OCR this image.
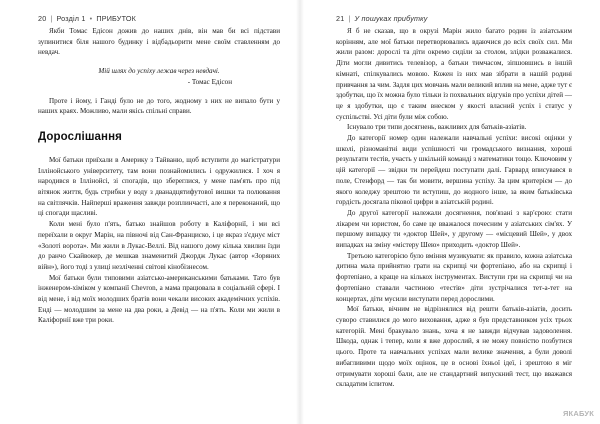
20 | Розділ 1 • ПРИБУТОК

Якби Томас Едісон дожив до наших днів, він мав би всі підстави зупинитися біля нашого будинку і відбадьорити мене своїм ставленням до невдач.

Мій шлях до успіху лежав через невдачі.
- Томас Едісон

Проте і йому, і Ганді було не до того, жодному з них не випало бути у наших краях. Можливо, мали якісь спільні справи.

Дорослішання

Мої батьки приїхали в Америку з Тайваню, щоб вступити до магістратури Іллінойського університету, там вони познайомились і одружилися. І хоч я народився в Іллінойсі, зі спогадів, що збереглися, у мене пам'ять про під вітянок життя, будь стрибки у воду з дванадцятифутової вишки та полювання на світлячків. Найперші враження завжди розплинчасті, але я переконаний, що ці спогади щасливі.

Коли мені було п'ять, батько знайшов роботу в Каліфорнії, і ми всі переїхали в округ Марін, на півночі від Сан-Франциско, і це якраз з'єднує міст «Золоті ворота». Ми жили в Лукас-Веллі. Від нашого дому кілька хвилин їзди до ранчо Скайвокер, де мешкав знаменитий Джордж Лукас (автор «Зоряних війн»), його тоді з улиці незліченні світові кінобізнесом.

Мої батьки були типовими азіатсько-американськими батьками. Тато був інженером-хіміком у компанії Chevron, а мама працювала в соціальній сфері. І від мене, і від моїх молодших братів вони чекали високих академічних успіхів. Енді — молодшим за мене на два роки, а Девід — на п'ять. Коли ми жили в Каліфорнії вже три роки.

21 | У пошуках прибутку

Я б не сказав, що в окрузі Марін жило багато родин із азіатським корінням, але мої батьки перетворювались вдаючися до всіх своїх сил. Ми жили разом: дорослі та діти окремо сиділи за столом, злідки розважалися. Діти могли дивитись телевізор, а батьки тимчасом, зіпшовшись в іншій кімнаті, спілкувались мовою. Кожен із них мав зібрати в нашій родині привчання за чим. Задля цих мовчань мали великий вплив на мене, адже тут є здобутки, що їх можна було тільки із похвальних відгуків про успіхи дітей — це я здобутки, що є таким внеском у якості власний успіх і статус у суспільстві. Усі діти були між собою.

Існувало три типи досягнень, важливих для батьків-азіатів.

До категорії номер один належали навчальні успіхи: високі оцінки у школі, різноманітні види успішності чи громадського визнання, хороші результати тестів, участь у шкільній команді з математики тощо. Ключовим у цій категорії — звідки ти перейдеш поступати далі. Гарвард вписувався в поле, Стенфорд — так би мовити, вершина успіху. За цим критерієм — до якого коледжу зрештою ти вступиш, до жодного інше, за яким батьківська гордість досягала пікової цифри в азіатській родині.

До другої категорії належали досягнення, пов'язані з кар'єрою: стати лікарем чи юристом, бо саме це вважалося почесним у азіатських сім'ях. У першому випадку ти «доктор Шей», у другому — «місцевий Шей», у двох випадках на зміну «містеру Шею» приходить «доктор Шей».

Третьою категорією було вміння музикувати: як правило, кожна азіатська дитина мала прийнятно грати на скрипці чи фортепіано, або на скрипці і фортепіано, а краще на кількох інструментах. Виступи гри на скрипці чи на фортепіано ставали частиною «тестів» діти зустрічалися тет-а-тет на концертах, діти мусили виступати перед дорослими.

Мої батьки, вічним не відрізнялися від решти батьків-азіатів, досить суворо ставилися до мого виховання, адже я був представником усіх трьох категорій. Мені бракувало знань, хоча я не завжди відчував задоволення. Шкода, однак і тепер, коли я вже дорослий, я не можу повністю позбутися цього. Проте та навчальних успіхах мали велике значення, а були доволі вибагливими щодо моїх оцінок, це в основі їхньої ідеї, і зрештою я міг отримувати хороші бали, але не стандартний випускний тест, що вважався складатим іспитом.

ЯКАБУК
